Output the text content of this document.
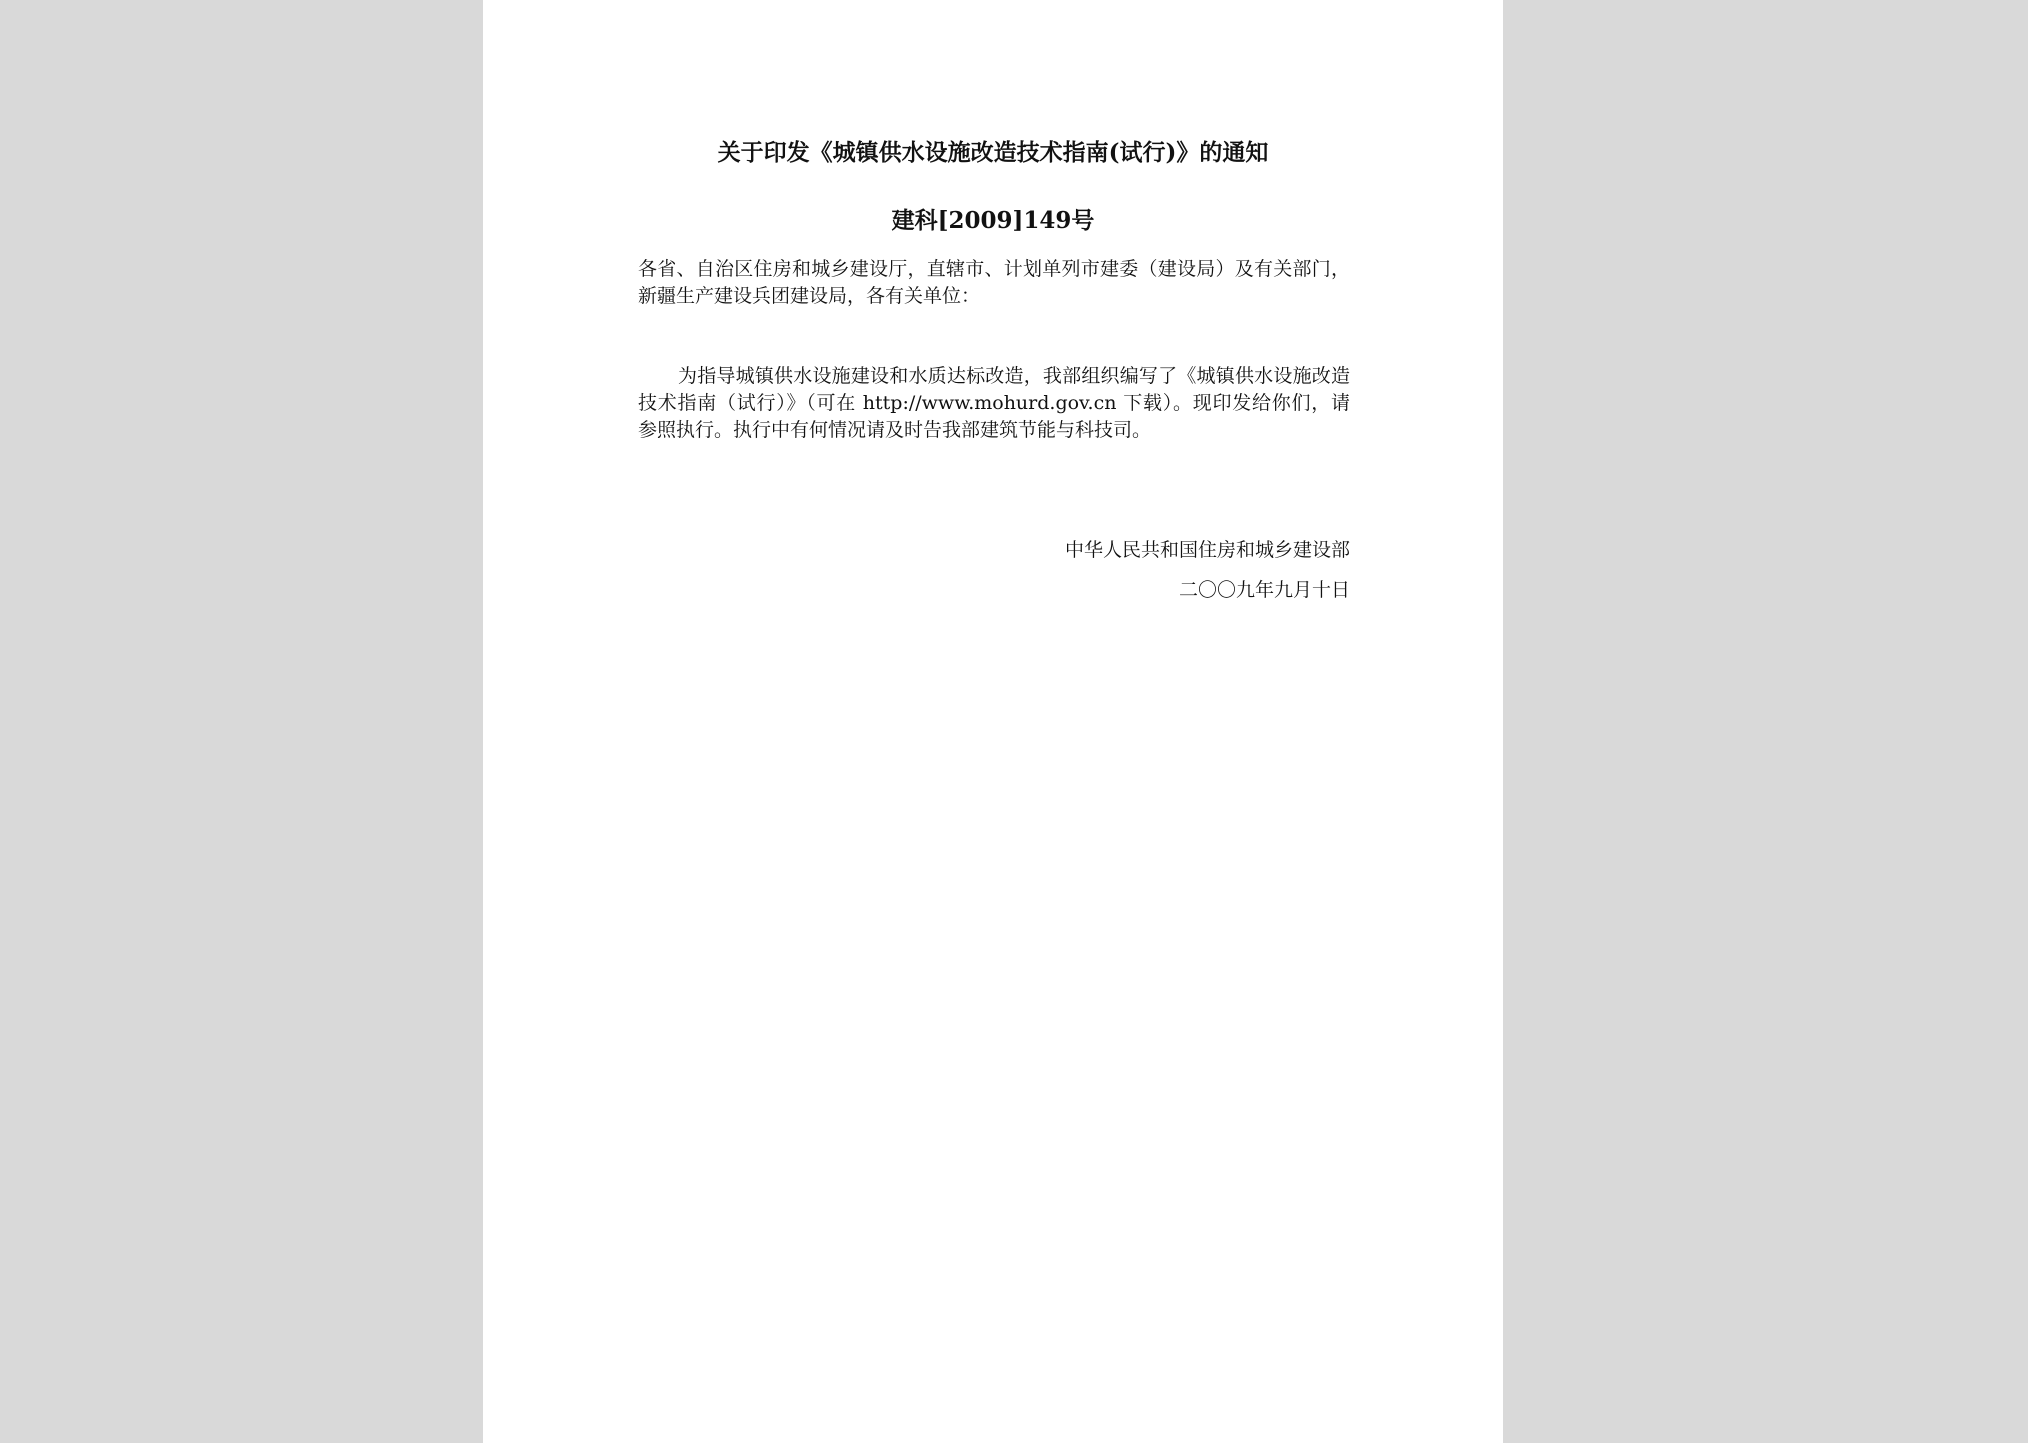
关于印发《城镇供水设施改造技术指南(试行)》的通知
建科[2009]149号
各省、自治区住房和城乡建设厅，直辖市、计划单列市建委（建设局）及有关部门，新疆生产建设兵团建设局，各有关单位：
为指导城镇供水设施建设和水质达标改造，我部组织编写了《城镇供水设施改造技术指南（试行）》（可在 http://www.mohurd.gov.cn 下载）。现印发给你们，请参照执行。执行中有何情况请及时告我部建筑节能与科技司。
中华人民共和国住房和城乡建设部
二〇〇九年九月十日
